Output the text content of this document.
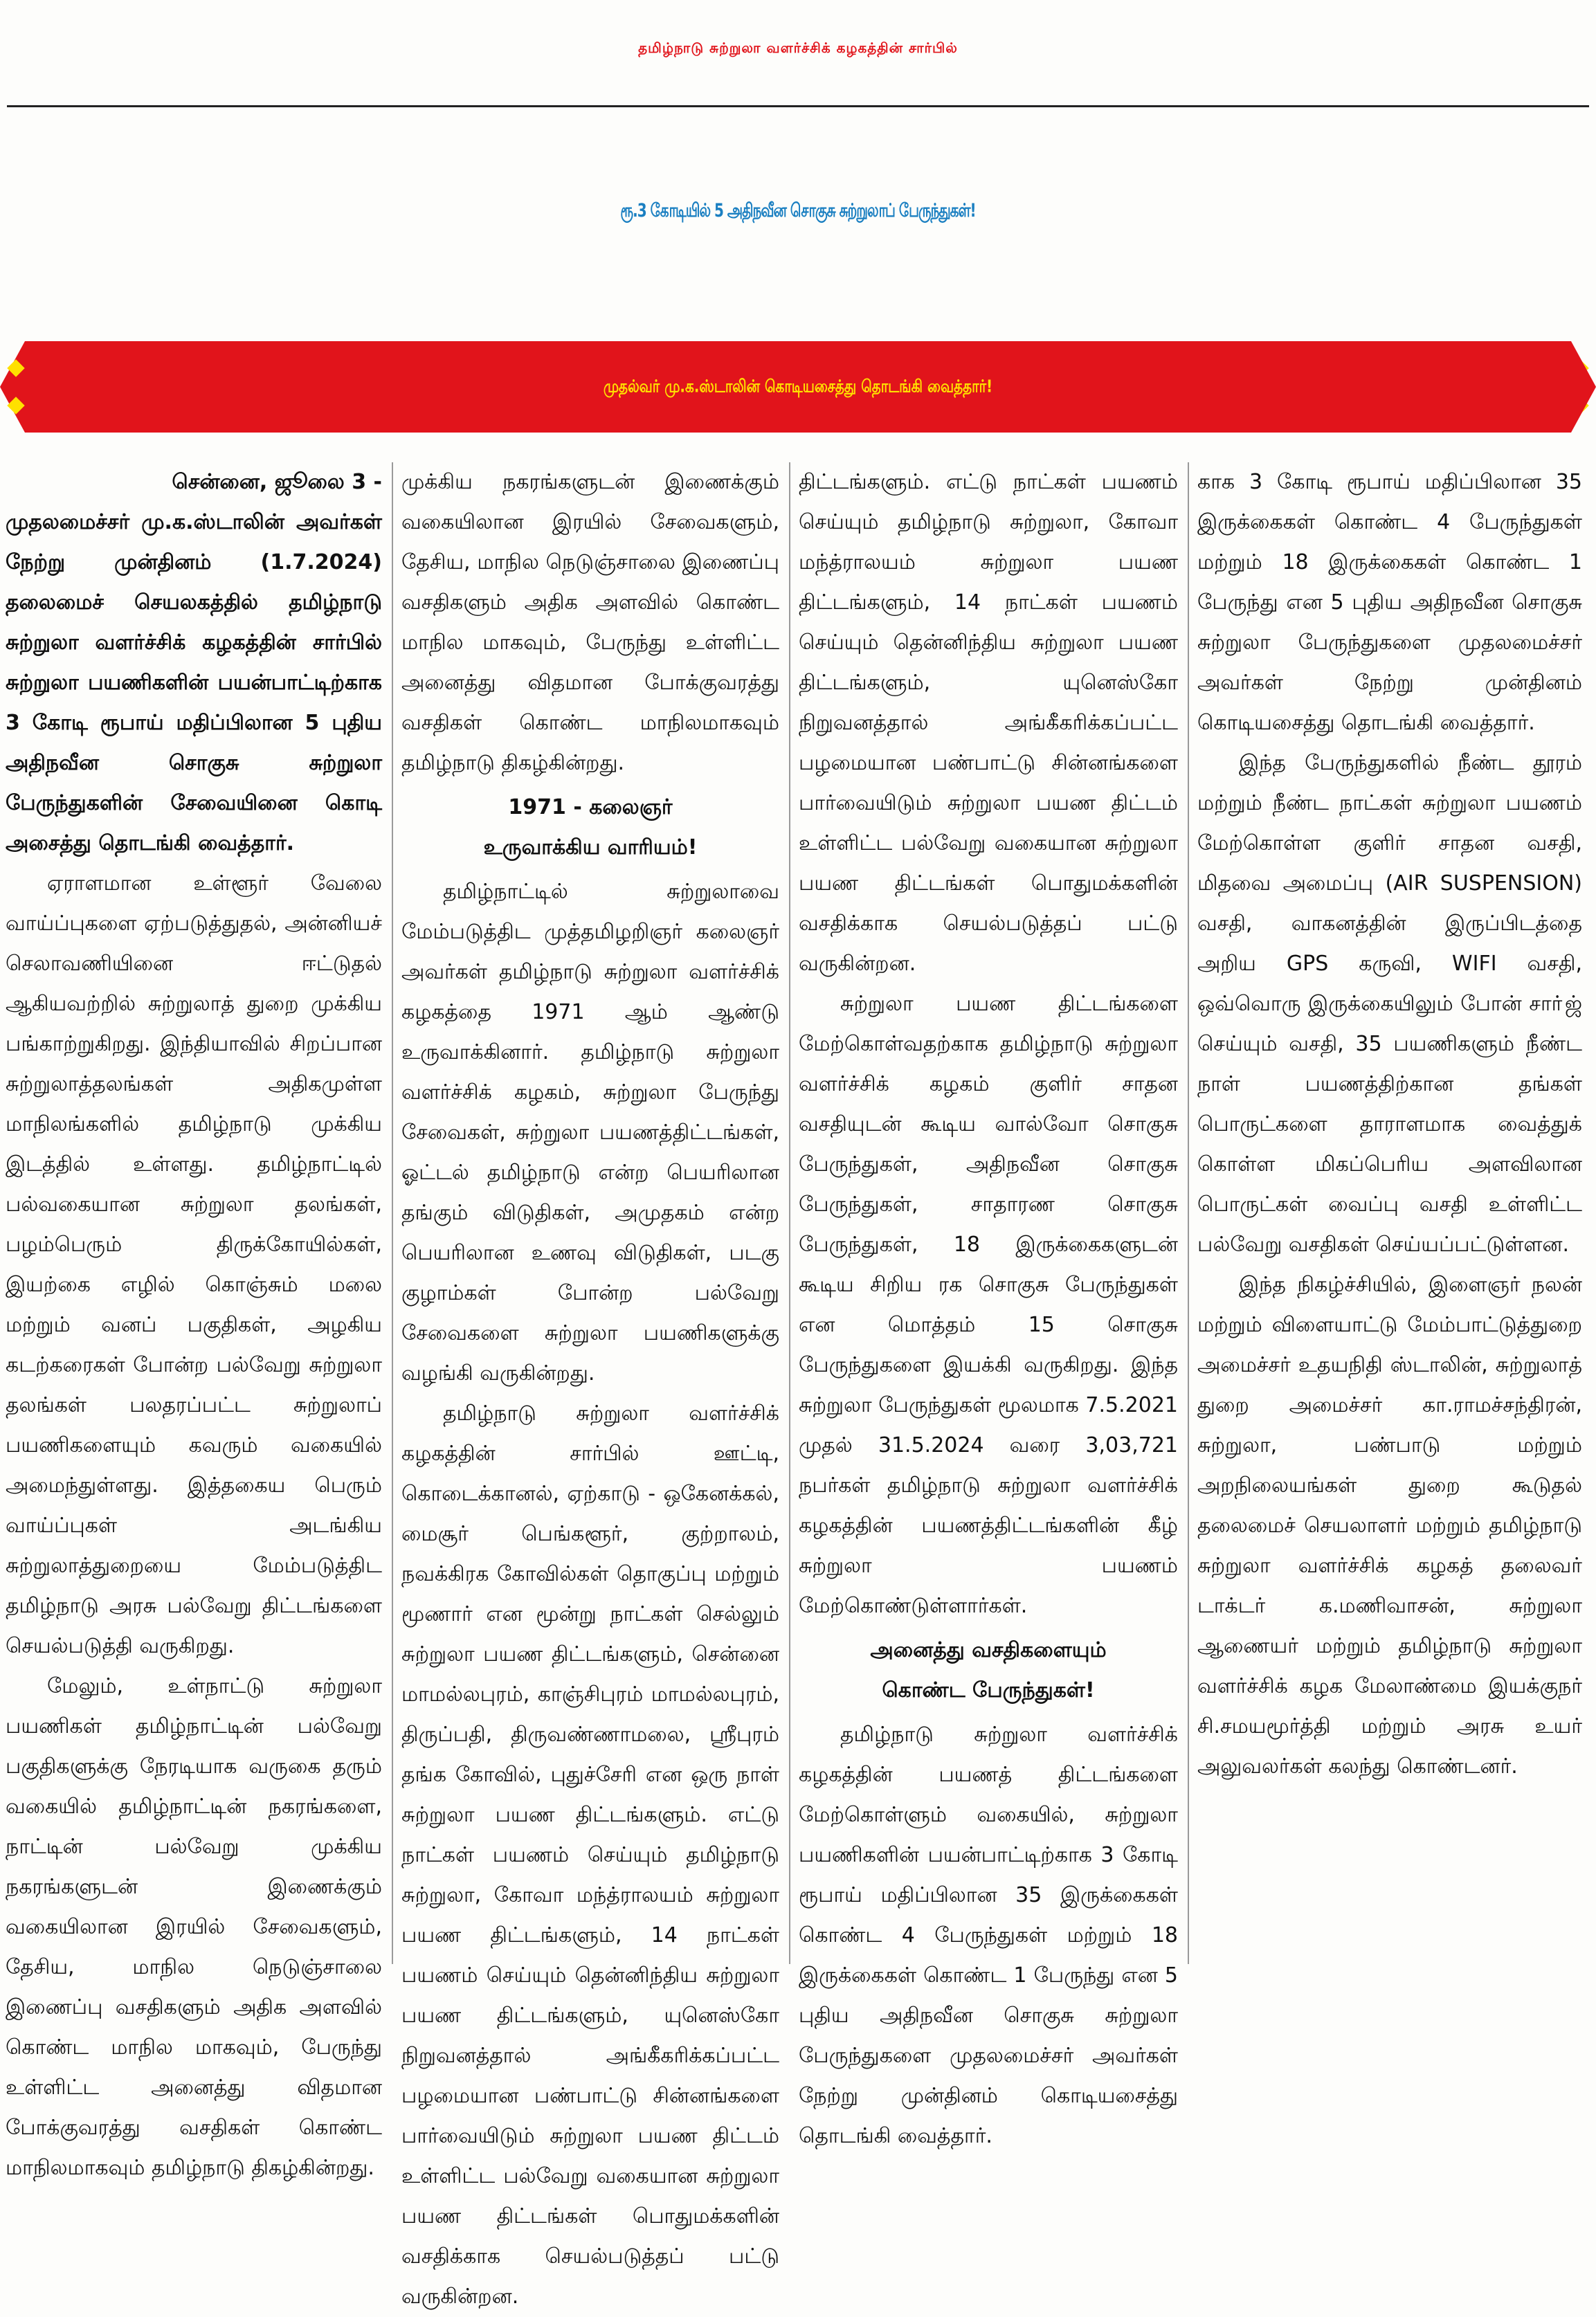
தமிழ்நாடு சுற்றுலா வளர்ச்சிக் கழகத்தின் சார்பில்
ரூ.3 கோடியில் 5 அதிநவீன சொகுசு சுற்றுலாப் பேருந்துகள்!
முதல்வர் மு.க.ஸ்டாலின் கொடியசைத்து தொடங்கி வைத்தார்!

சென்னை, ஜூலை 3 -
முதலமைச்சர் மு.க.ஸ்டாலின் அவர்கள் நேற்று முன்தினம் (1.7.2024) தலைமைச் செயலகத்தில் தமிழ்நாடு சுற்றுலா வளர்ச்சிக் கழகத்தின் சார்பில் சுற்றுலா பயணிகளின் பயன்பாட்டிற்காக 3 கோடி ரூபாய் மதிப்பிலான 5 புதிய அதிநவீன சொகுசு சுற்றுலா பேருந்துகளின் சேவையினை கொடி அசைத்து தொடங்கி வைத்தார்.

ஏராளமான உள்ளூர் வேலை வாய்ப்புகளை ஏற்படுத்துதல், அன்னியச் செலாவணியினை ஈட்டுதல் ஆகியவற்றில் சுற்றுலாத் துறை முக்கிய பங்காற்றுகிறது. இந்தியாவில் சிறப்பான சுற்றுலாத்தலங்கள் அதிகமுள்ள மாநிலங்களில் தமிழ்நாடு முக்கிய இடத்தில் உள்ளது. தமிழ்நாட்டில் பல்வகையான சுற்றுலா தலங்கள், பழம்பெரும் திருக்கோயில்கள், இயற்கை எழில் கொஞ்சும் மலை மற்றும் வனப் பகுதிகள், அழகிய கடற்கரைகள் போன்ற பல்வேறு சுற்றுலா தலங்கள் பலதரப்பட்ட சுற்றுலாப் பயணிகளையும் கவரும் வகையில் அமைந்துள்ளது. இத்தகைய பெரும் வாய்ப்புகள் அடங்கிய சுற்றுலாத்துறையை மேம்படுத்திட தமிழ்நாடு அரசு பல்வேறு திட்டங்களை செயல்படுத்தி வருகிறது.

மேலும், உள்நாட்டு சுற்றுலா பயணிகள் தமிழ்நாட்டின் பல்வேறு பகுதிகளுக்கு நேரடியாக வருகை தரும் வகையில் தமிழ்நாட்டின் நகரங்களை, நாட்டின் பல்வேறு முக்கிய நகரங்களுடன் இணைக்கும் வகையிலான இரயில் சேவைகளும், தேசிய, மாநில நெடுஞ்சாலை இணைப்பு வசதிகளும் அதிக அளவில் கொண்ட மாநில மாகவும், பேருந்து உள்ளிட்ட அனைத்து விதமான போக்குவரத்து வசதிகள் கொண்ட மாநிலமாகவும் தமிழ்நாடு திகழ்கின்றது.

முக்கிய நகரங்களுடன் இணைக்கும் வகையிலான இரயில் சேவைகளும், தேசிய, மாநில நெடுஞ்சாலை இணைப்பு வசதிகளும் அதிக அளவில் கொண்ட மாநில மாகவும், பேருந்து உள்ளிட்ட அனைத்து விதமான போக்குவரத்து வசதிகள் கொண்ட மாநிலமாகவும் தமிழ்நாடு திகழ்கின்றது.

1971 - கலைஞர்
உருவாக்கிய வாரியம்!

தமிழ்நாட்டில் சுற்றுலாவை மேம்படுத்திட முத்தமிழறிஞர் கலைஞர் அவர்கள் தமிழ்நாடு சுற்றுலா வளர்ச்சிக் கழகத்தை 1971 ஆம் ஆண்டு உருவாக்கினார். தமிழ்நாடு சுற்றுலா வளர்ச்சிக் கழகம், சுற்றுலா பேருந்து சேவைகள், சுற்றுலா பயணத்திட்டங்கள், ஓட்டல் தமிழ்நாடு என்ற பெயரிலான தங்கும் விடுதிகள், அமுதகம் என்ற பெயரிலான உணவு விடுதிகள், படகு குழாம்கள் போன்ற பல்வேறு சேவைகளை சுற்றுலா பயணிகளுக்கு வழங்கி வருகின்றது.

தமிழ்நாடு சுற்றுலா வளர்ச்சிக் கழகத்தின் சார்பில் ஊட்டி, கொடைக்கானல், ஏற்காடு - ஒகேனக்கல், மைசூர் பெங்களூர், குற்றாலம், நவக்கிரக கோவில்கள் தொகுப்பு மற்றும் மூணார் என மூன்று நாட்கள் செல்லும் சுற்றுலா பயண திட்டங்களும், சென்னை மாமல்லபுரம், காஞ்சிபுரம் மாமல்லபுரம், திருப்பதி, திருவண்ணாமலை, ஸ்ரீபுரம் தங்க கோவில், புதுச்சேரி என ஒரு நாள் சுற்றுலா பயண திட்டங்களும். எட்டு நாட்கள் பயணம் செய்யும் தமிழ்நாடு சுற்றுலா, கோவா மந்த்ராலயம் சுற்றுலா பயண திட்டங்களும், 14 நாட்கள் பயணம் செய்யும் தென்னிந்திய சுற்றுலா பயண திட்டங்களும், யுனெஸ்கோ நிறுவனத்தால் அங்கீகரிக்கப்பட்ட பழமையான பண்பாட்டு சின்னங்களை பார்வையிடும் சுற்றுலா பயண திட்டம் உள்ளிட்ட பல்வேறு வகையான சுற்றுலா பயண திட்டங்கள் பொதுமக்களின் வசதிக்காக செயல்படுத்தப் பட்டு வருகின்றன.

திட்டங்களும். எட்டு நாட்கள் பயணம் செய்யும் தமிழ்நாடு சுற்றுலா, கோவா மந்த்ராலயம் சுற்றுலா பயண திட்டங்களும், 14 நாட்கள் பயணம் செய்யும் தென்னிந்திய சுற்றுலா பயண திட்டங்களும், யுனெஸ்கோ நிறுவனத்தால் அங்கீகரிக்கப்பட்ட பழமையான பண்பாட்டு சின்னங்களை பார்வையிடும் சுற்றுலா பயண திட்டம் உள்ளிட்ட பல்வேறு வகையான சுற்றுலா பயண திட்டங்கள் பொதுமக்களின் வசதிக்காக செயல்படுத்தப் பட்டு வருகின்றன.

சுற்றுலா பயண திட்டங்களை மேற்கொள்வதற்காக தமிழ்நாடு சுற்றுலா வளர்ச்சிக் கழகம் குளிர் சாதன வசதியுடன் கூடிய வால்வோ சொகுசு பேருந்துகள், அதிநவீன சொகுசு பேருந்துகள், சாதாரண சொகுசு பேருந்துகள், 18 இருக்கைகளுடன் கூடிய சிறிய ரக சொகுசு பேருந்துகள் என மொத்தம் 15 சொகுசு பேருந்துகளை இயக்கி வருகிறது. இந்த சுற்றுலா பேருந்துகள் மூலமாக 7.5.2021 முதல் 31.5.2024 வரை 3,03,721 நபர்கள் தமிழ்நாடு சுற்றுலா வளர்ச்சிக் கழகத்தின் பயணத்திட்டங்களின் கீழ் சுற்றுலா பயணம் மேற்கொண்டுள்ளார்கள்.

அனைத்து வசதிகளையும்
கொண்ட பேருந்துகள்!

தமிழ்நாடு சுற்றுலா வளர்ச்சிக் கழகத்தின் பயணத் திட்டங்களை மேற்கொள்ளும் வகையில், சுற்றுலா பயணிகளின் பயன்பாட்டிற்காக 3 கோடி ரூபாய் மதிப்பிலான 35 இருக்கைகள் கொண்ட 4 பேருந்துகள் மற்றும் 18 இருக்கைகள் கொண்ட 1 பேருந்து என 5 புதிய அதிநவீன சொகுசு சுற்றுலா பேருந்துகளை முதலமைச்சர் அவர்கள் நேற்று முன்தினம் கொடியசைத்து தொடங்கி வைத்தார்.

காக 3 கோடி ரூபாய் மதிப்பிலான 35 இருக்கைகள் கொண்ட 4 பேருந்துகள் மற்றும் 18 இருக்கைகள் கொண்ட 1 பேருந்து என 5 புதிய அதிநவீன சொகுசு சுற்றுலா பேருந்துகளை முதலமைச்சர் அவர்கள் நேற்று முன்தினம் கொடியசைத்து தொடங்கி வைத்தார்.

இந்த பேருந்துகளில் நீண்ட தூரம் மற்றும் நீண்ட நாட்கள் சுற்றுலா பயணம் மேற்கொள்ள குளிர் சாதன வசதி, மிதவை அமைப்பு (AIR SUSPENSION) வசதி, வாகனத்தின் இருப்பிடத்தை அறிய GPS கருவி, WIFI வசதி, ஒவ்வொரு இருக்கையிலும் போன் சாா்ஜ் செய்யும் வசதி, 35 பயணிகளும் நீண்ட நாள் பயணத்திற்கான தங்கள் பொருட்களை தாராளமாக வைத்துக் கொள்ள மிகப்பெரிய அளவிலான பொருட்கள் வைப்பு வசதி உள்ளிட்ட பல்வேறு வசதிகள் செய்யப்பட்டுள்ளன.

இந்த நிகழ்ச்சியில், இளைஞர் நலன் மற்றும் விளையாட்டு மேம்பாட்டுத்துறை அமைச்சர் உதயநிதி ஸ்டாலின், சுற்றுலாத் துறை அமைச்சர் கா.ராமச்சந்திரன், சுற்றுலா, பண்பாடு மற்றும் அறநிலையங்கள் துறை கூடுதல் தலைமைச் செயலாளர் மற்றும் தமிழ்நாடு சுற்றுலா வளர்ச்சிக் கழகத் தலைவர் டாக்டர் க.மணிவாசன், சுற்றுலா ஆணையர் மற்றும் தமிழ்நாடு சுற்றுலா வளர்ச்சிக் கழக மேலாண்மை இயக்குநர் சி.சமயமூர்த்தி மற்றும் அரசு உயர் அலுவலர்கள் கலந்து கொண்டனர்.
